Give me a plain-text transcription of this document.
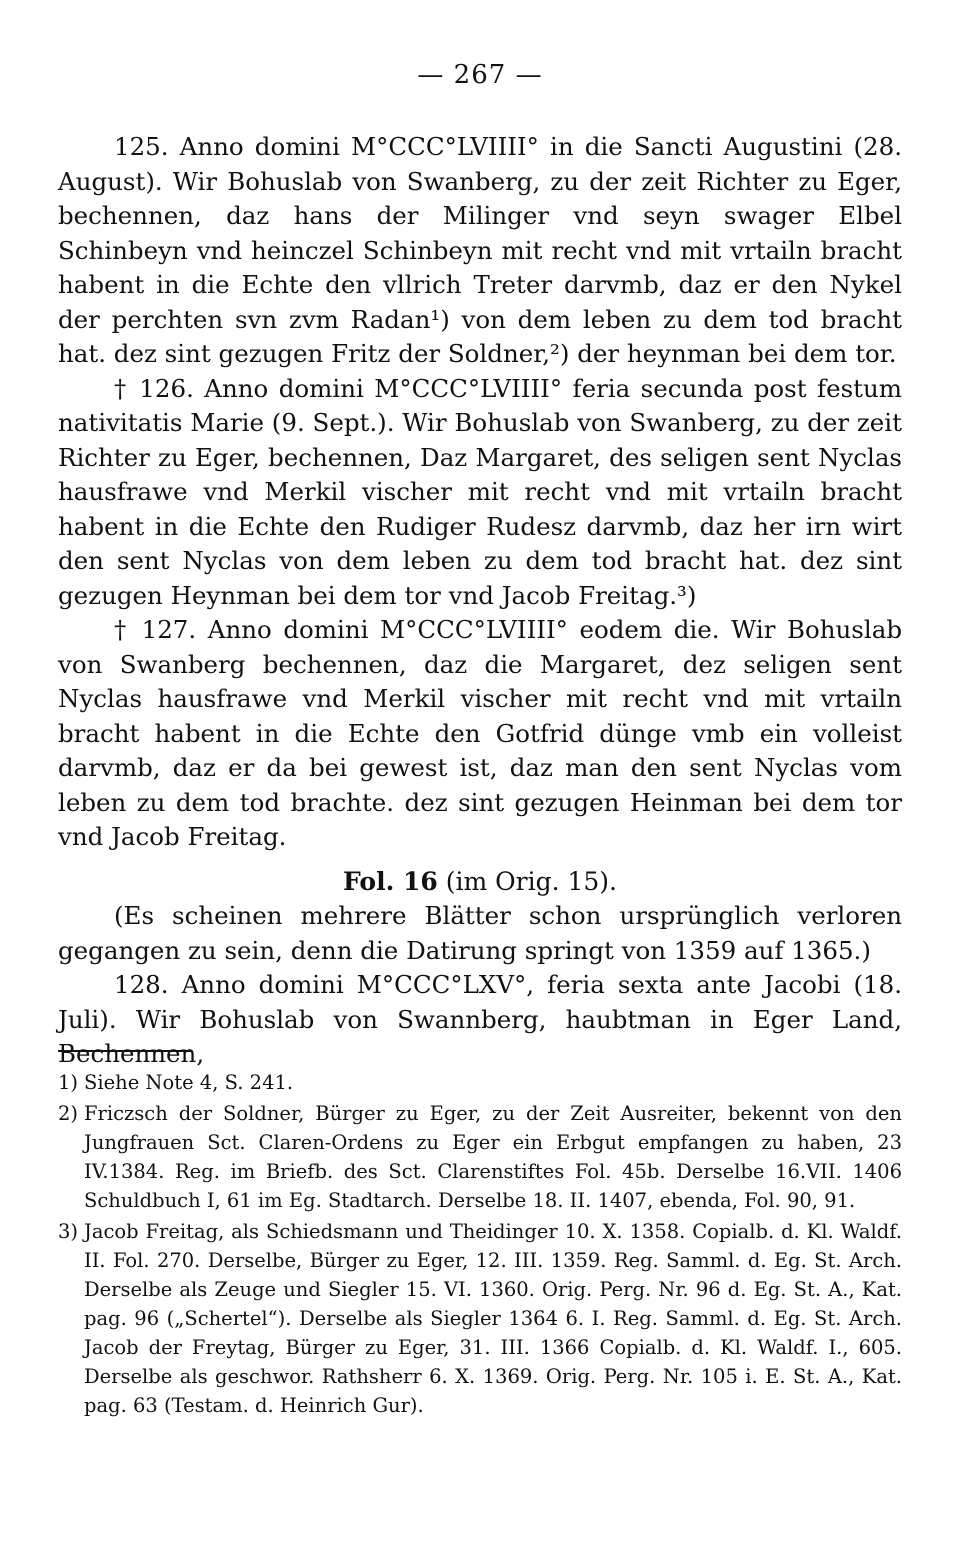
— 267 —

125. Anno domini M°CCC°LVIIII° in die Sancti Augustini (28. August). Wir Bohuslab von Swanberg, zu der zeit Richter zu Eger, bechennen, daz hans der Milinger vnd seyn swager Elbel Schinbeyn vnd heinczel Schinbeyn mit recht vnd mit vrtailn bracht habent in die Echte den vllrich Treter darvmb, daz er den Nykel der perchten svn zvm Radan¹) von dem leben zu dem tod bracht hat. dez sint gezugen Fritz der Soldner,²) der heynman bei dem tor.

† 126. Anno domini M°CCC°LVIIII° feria secunda post festum nativitatis Marie (9. Sept.). Wir Bohuslab von Swanberg, zu der zeit Richter zu Eger, bechennen, Daz Margaret, des seligen sent Nyclas hausfrawe vnd Merkil vischer mit recht vnd mit vrtailn bracht habent in die Echte den Rudiger Rudesz darvmb, daz her irn wirt den sent Nyclas von dem leben zu dem tod bracht hat. dez sint gezugen Heynman bei dem tor vnd Jacob Freitag.³)

† 127. Anno domini M°CCC°LVIIII° eodem die. Wir Bohuslab von Swanberg bechennen, daz die Margaret, dez seligen sent Nyclas hausfrawe vnd Merkil vischer mit recht vnd mit vrtailn bracht habent in die Echte den Gotfrid dünge vmb ein volleist darvmb, daz er da bei gewest ist, daz man den sent Nyclas vom leben zu dem tod brachte. dez sint gezugen Heinman bei dem tor vnd Jacob Freitag.

Fol. 16 (im Orig. 15).

(Es scheinen mehrere Blätter schon ursprünglich verloren gegangen zu sein, denn die Datirung springt von 1359 auf 1365.)

128. Anno domini M°CCC°LXV°, feria sexta ante Jacobi (18. Juli). Wir Bohuslab von Swannberg, haubtman in Eger Land, Bechennen,

1) Siehe Note 4, S. 241.

2) Friczsch der Soldner, Bürger zu Eger, zu der Zeit Ausreiter, bekennt von den Jungfrauen Sct. Claren-Ordens zu Eger ein Erbgut empfangen zu haben, 23 IV.1384. Reg. im Briefb. des Sct. Clarenstiftes Fol. 45b. Derselbe 16.VII. 1406 Schuldbuch I, 61 im Eg. Stadtarch. Derselbe 18. II. 1407, ebenda, Fol. 90, 91.

3) Jacob Freitag, als Schiedsmann und Theidinger 10. X. 1358. Copialb. d. Kl. Waldf. II. Fol. 270. Derselbe, Bürger zu Eger, 12. III. 1359. Reg. Samml. d. Eg. St. Arch. Derselbe als Zeuge und Siegler 15. VI. 1360. Orig. Perg. Nr. 96 d. Eg. St. A., Kat. pag. 96 („Schertel“). Derselbe als Siegler 1364 6. I. Reg. Samml. d. Eg. St. Arch. Jacob der Freytag, Bürger zu Eger, 31. III. 1366 Copialb. d. Kl. Waldf. I., 605. Derselbe als geschwor. Rathsherr 6. X. 1369. Orig. Perg. Nr. 105 i. E. St. A., Kat. pag. 63 (Testam. d. Heinrich Gur).
